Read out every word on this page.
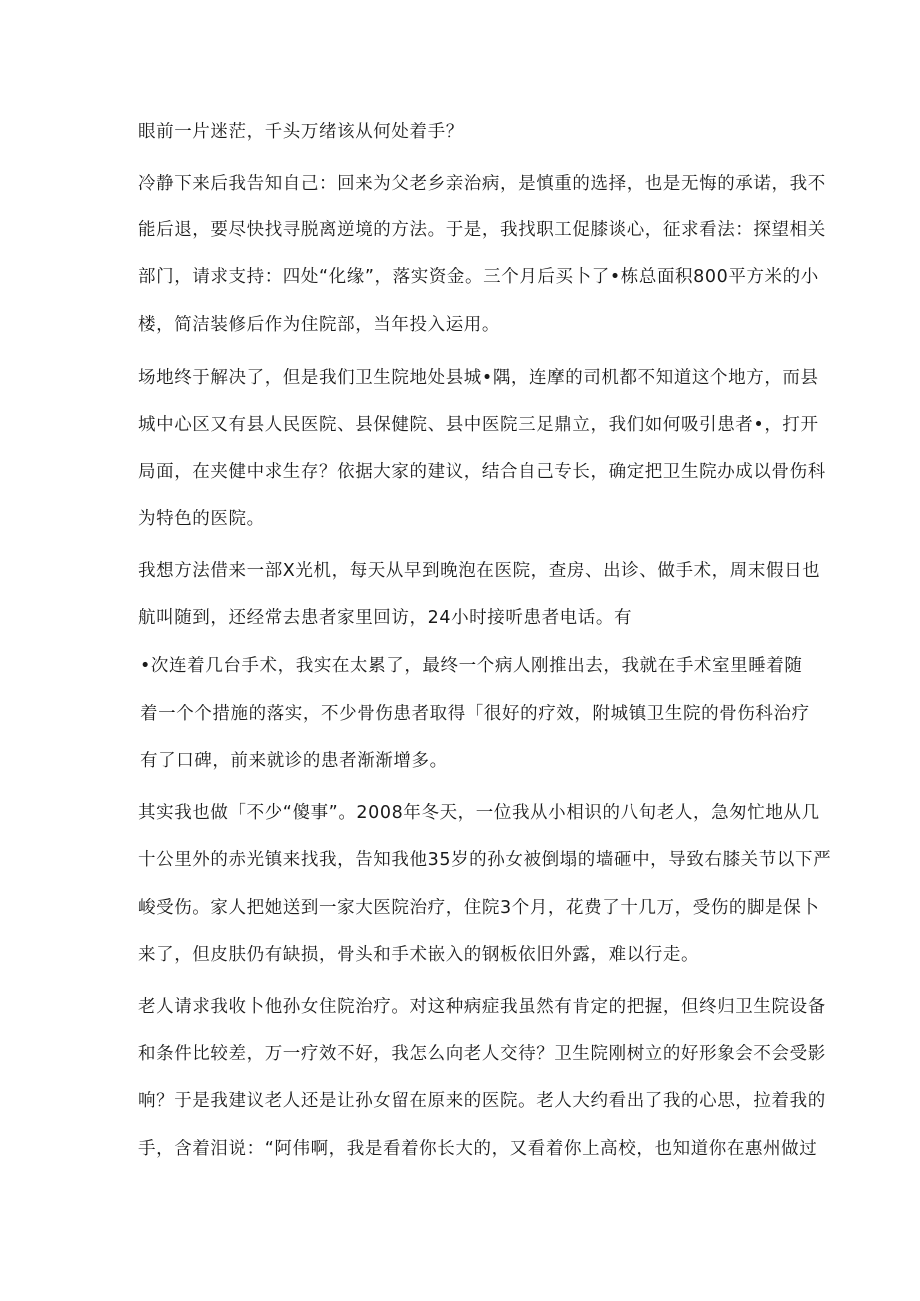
眼前一片迷茫，千头万绪该从何处着手？

冷静下来后我告知自己：回来为父老乡亲治病，是慎重的选择，也是无悔的承诺，我不

能后退，要尽快找寻脱离逆境的方法。于是，我找职工促膝谈心，征求看法：探望相关

部门，请求支持：四处“化缘”，落实资金。三个月后买卜了•栋总面积800平方米的小

楼，简洁装修后作为住院部，当年投入运用。

场地终于解决了，但是我们卫生院地处县城•隅，连摩的司机都不知道这个地方，而县

城中心区又有县人民医院、县保健院、县中医院三足鼎立，我们如何吸引患者•，打开

局面，在夹健中求生存？依据大家的建议，结合自己专长，确定把卫生院办成以骨伤科

为特色的医院。

我想方法借来一部X光机，每天从早到晚泡在医院，查房、出诊、做手术，周末假日也

航叫随到，还经常去患者家里回访，24小时接听患者电话。有

•次连着几台手术，我实在太累了，最终一个病人刚推出去，我就在手术室里睡着随

着一个个措施的落实，不少骨伤患者取得「很好的疗效，附城镇卫生院的骨伤科治疗

有了口碑，前来就诊的患者渐渐增多。

其实我也做「不少“傻事”。2008年冬天，一位我从小相识的八旬老人，急匆忙地从几

十公里外的赤光镇来找我，告知我他35岁的孙女被倒塌的墙砸中，导致右膝关节以下严

峻受伤。家人把她送到一家大医院治疗，住院3个月，花费了十几万，受伤的脚是保卜

来了，但皮肤仍有缺损，骨头和手术嵌入的钢板依旧外露，难以行走。

老人请求我收卜他孙女住院治疗。对这种病症我虽然有肯定的把握，但终归卫生院设备

和条件比较差，万一疗效不好，我怎么向老人交待？卫生院刚树立的好形象会不会受影

响？于是我建议老人还是让孙女留在原来的医院。老人大约看出了我的心思，拉着我的

手，含着泪说：“阿伟啊，我是看着你长大的，又看着你上高校，也知道你在惠州做过
